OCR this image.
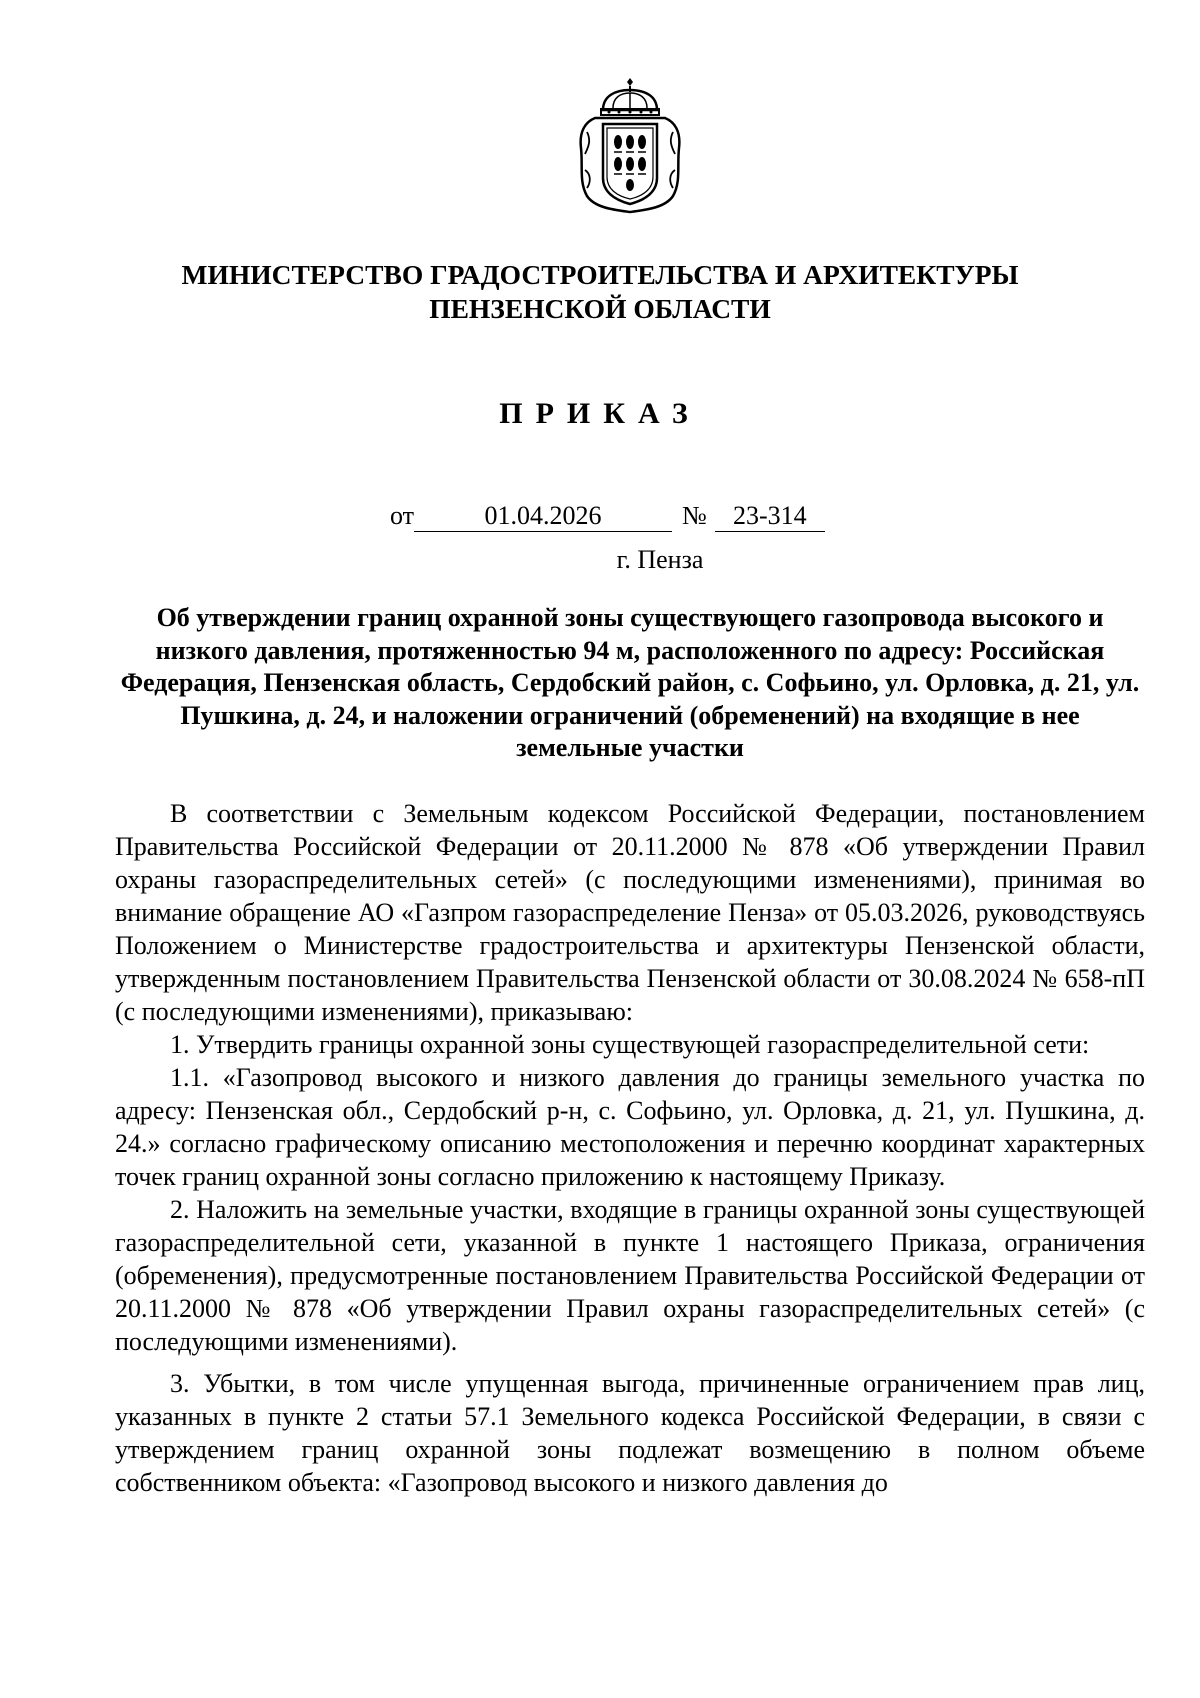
МИНИСТЕРСТВО ГРАДОСТРОИТЕЛЬСТВА И АРХИТЕКТУРЫ
ПЕНЗЕНСКОЙ ОБЛАСТИ
ПРИКАЗ
от	01.04.2026	№ 23-314
г. Пенза
Об утверждении границ охранной зоны существующего газопровода высокого и низкого давления, протяженностью 94 м, расположенного по адресу: Российская Федерация, Пензенская область, Сердобский район, с. Софьино, ул. Орловка, д. 21, ул. Пушкина, д. 24, и наложении ограничений (обременений) на входящие в нее земельные участки

В соответствии с Земельным кодексом Российской Федерации, постановлением Правительства Российской Федерации от 20.11.2000 № 878 «Об утверждении Правил охраны газораспределительных сетей» (с последующими изменениями), принимая во внимание обращение АО «Газпром газораспределение Пенза» от 05.03.2026, руководствуясь Положением о Министерстве градостроительства и архитектуры Пензенской области, утвержденным постановлением Правительства Пензенской области от 30.08.2024 № 658-пП (с последующими изменениями), приказываю:

1. Утвердить границы охранной зоны существующей газораспределительной сети:

1.1. «Газопровод высокого и низкого давления до границы земельного участка по адресу: Пензенская обл., Сердобский р-н, с. Софьино, ул. Орловка, д. 21, ул. Пушкина, д. 24.» согласно графическому описанию местоположения и перечню координат характерных точек границ охранной зоны согласно приложению к настоящему Приказу.

2. Наложить на земельные участки, входящие в границы охранной зоны существующей газораспределительной сети, указанной в пункте 1 настоящего Приказа, ограничения (обременения), предусмотренные постановлением Правительства Российской Федерации от 20.11.2000 № 878 «Об утверждении Правил охраны газораспределительных сетей» (с последующими изменениями).

3. Убытки, в том числе упущенная выгода, причиненные ограничением прав лиц, указанных в пункте 2 статьи 57.1 Земельного кодекса Российской Федерации, в связи с утверждением границ охранной зоны подлежат возмещению в полном объеме собственником объекта: «Газопровод высокого и низкого давления до
